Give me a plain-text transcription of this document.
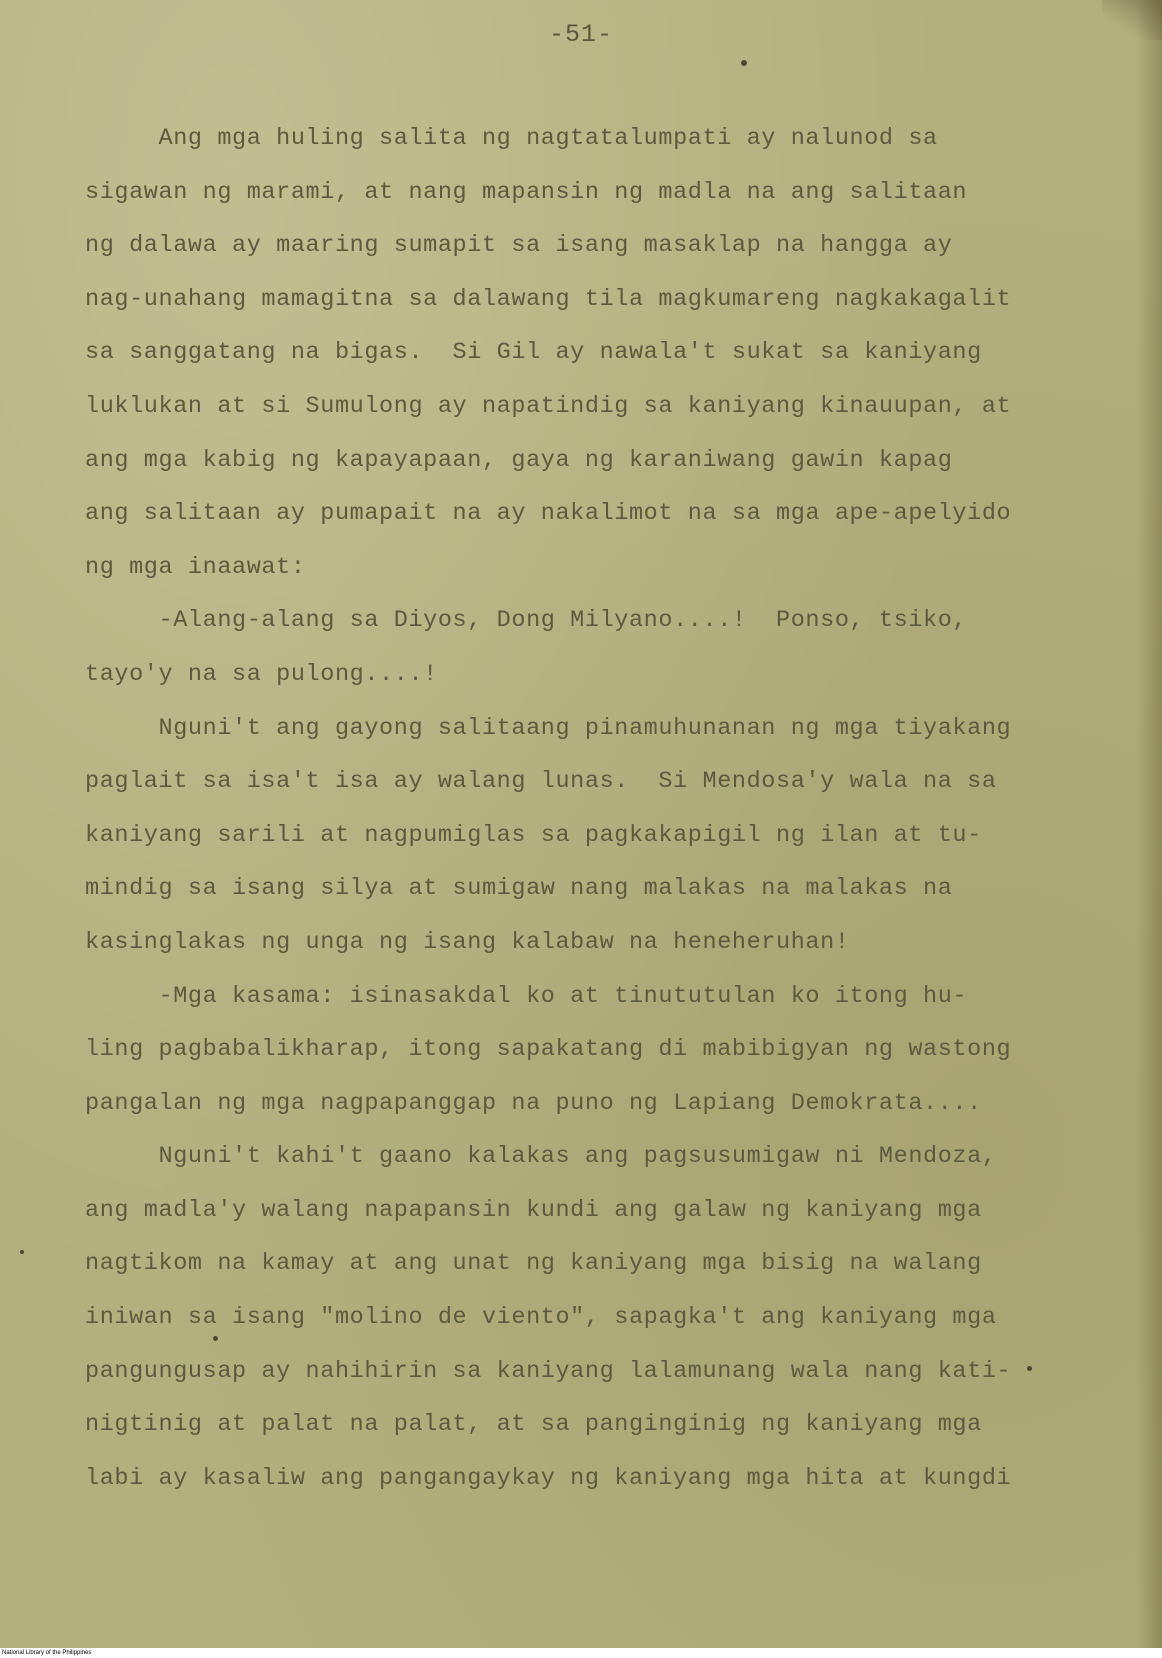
-51-
Ang mga huling salita ng nagtatalumpati ay nalunod sa
sigawan ng marami, at nang mapansin ng madla na ang salitaan
ng dalawa ay maaring sumapit sa isang masaklap na hangga ay
nag-unahang mamagitna sa dalawang tila magkumareng nagkakagalit
sa sanggatang na bigas.  Si Gil ay nawala't sukat sa kaniyang
luklukan at si Sumulong ay napatindig sa kaniyang kinauupan, at
ang mga kabig ng kapayapaan, gaya ng karaniwang gawin kapag
ang salitaan ay pumapait na ay nakalimot na sa mga ape-apelyido
ng mga inaawat:
-Alang-alang sa Diyos, Dong Milyano....!  Ponso, tsiko,
tayo'y na sa pulong....!
Nguni't ang gayong salitaang pinamuhunanan ng mga tiyakang
paglait sa isa't isa ay walang lunas.  Si Mendosa'y wala na sa
kaniyang sarili at nagpumiglas sa pagkakapigil ng ilan at tu-
mindig sa isang silya at sumigaw nang malakas na malakas na
kasinglakas ng unga ng isang kalabaw na heneheruhan!
-Mga kasama: isinasakdal ko at tinututulan ko itong hu-
ling pagbabalikharap, itong sapakatang di mabibigyan ng wastong
pangalan ng mga nagpapanggap na puno ng Lapiang Demokrata....
Nguni't kahi't gaano kalakas ang pagsusumigaw ni Mendoza,
ang madla'y walang napapansin kundi ang galaw ng kaniyang mga
nagtikom na kamay at ang unat ng kaniyang mga bisig na walang
iniwan sa isang "molino de viento", sapagka't ang kaniyang mga
pangungusap ay nahihirin sa kaniyang lalamunang wala nang kati-
nigtinig at palat na palat, at sa panginginig ng kaniyang mga
labi ay kasaliw ang pangangaykay ng kaniyang mga hita at kungdi
National Library of the Philippines
